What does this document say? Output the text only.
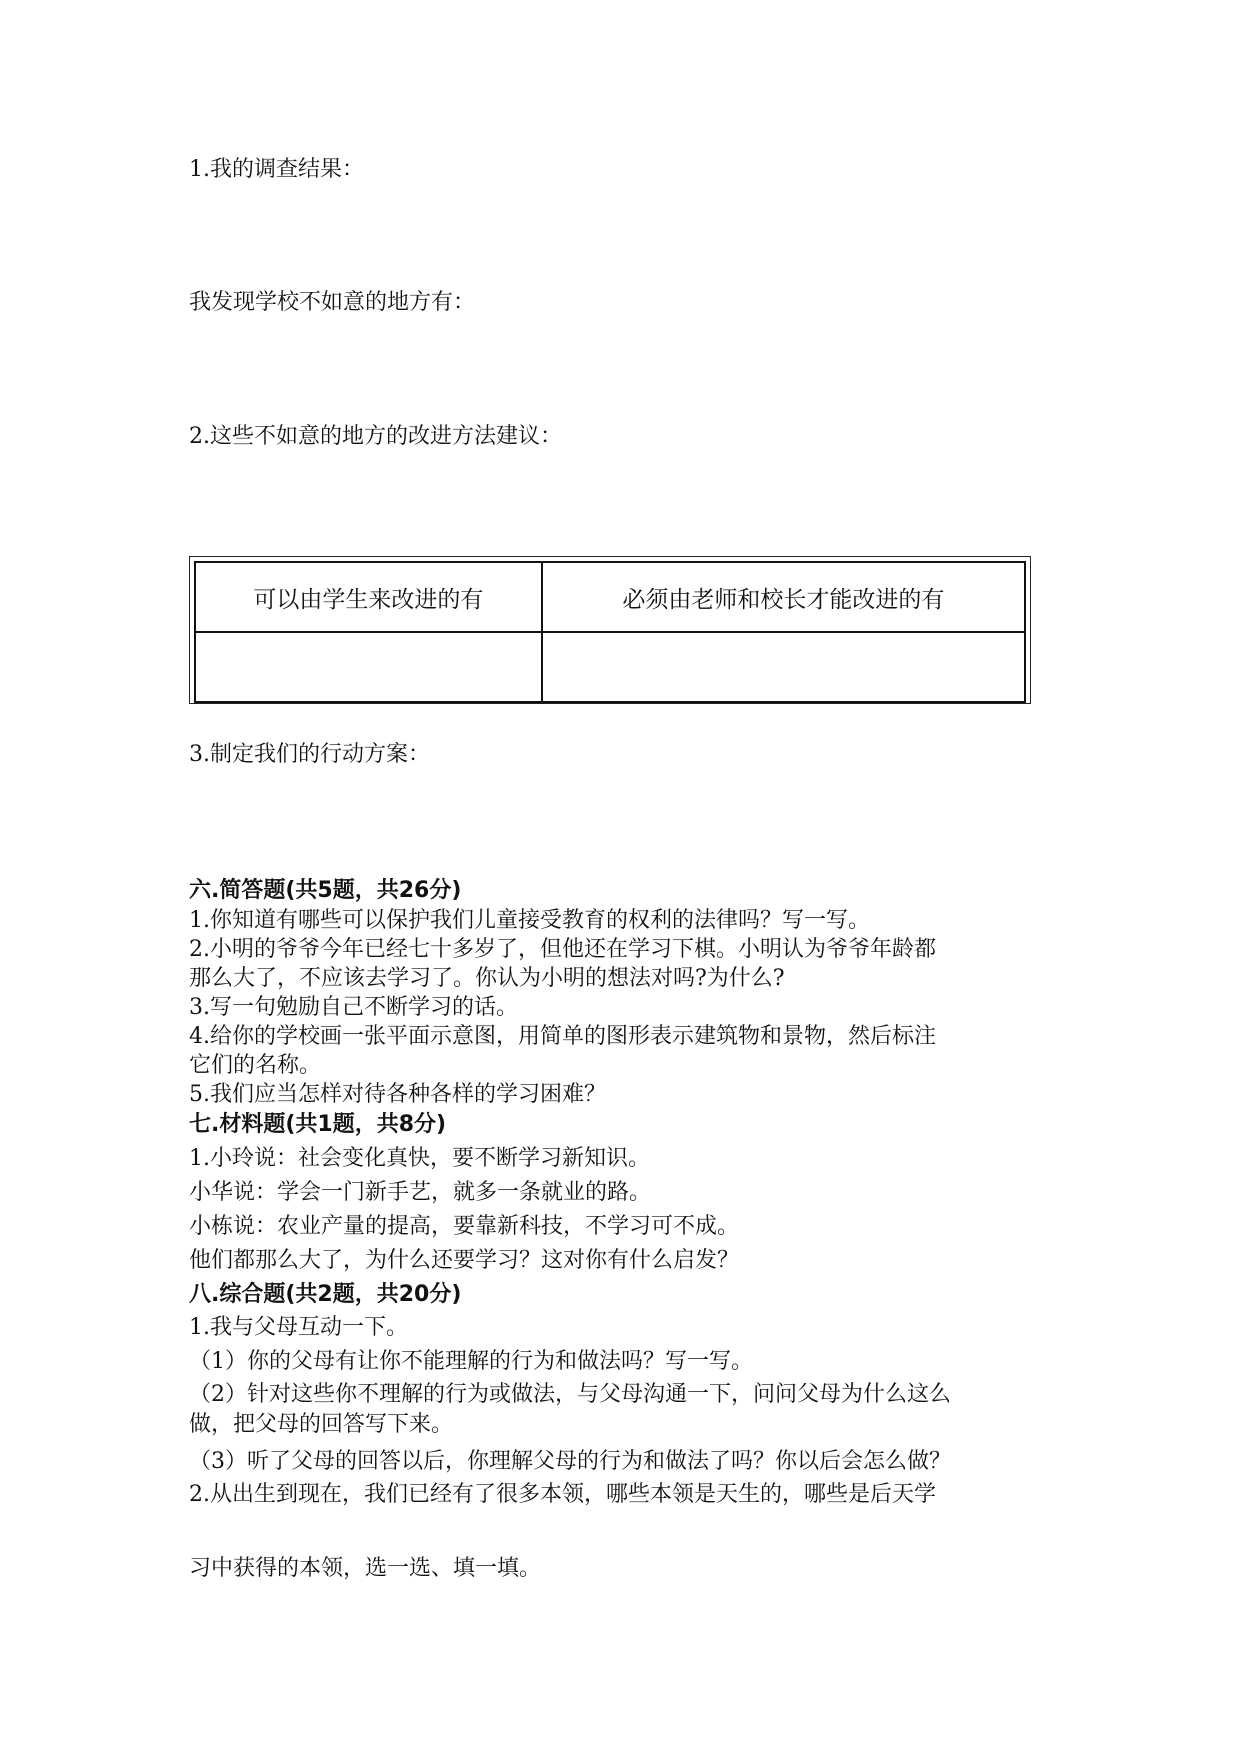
1.我的调查结果：
我发现学校不如意的地方有：
2.这些不如意的地方的改进方法建议：
可以由学生来改进的有	必须由老师和校长才能改进的有

3.制定我们的行动方案：
六.简答题(共5题，共26分)
1.你知道有哪些可以保护我们儿童接受教育的权利的法律吗？写一写。
2.小明的爷爷今年已经七十多岁了，但他还在学习下棋。小明认为爷爷年龄都
那么大了，不应该去学习了。你认为小明的想法对吗?为什么?
3.写一句勉励自己不断学习的话。
4.给你的学校画一张平面示意图，用简单的图形表示建筑物和景物，然后标注
它们的名称。
5.我们应当怎样对待各种各样的学习困难？
七.材料题(共1题，共8分)
1.小玲说：社会变化真快，要不断学习新知识。
小华说：学会一门新手艺，就多一条就业的路。
小栋说：农业产量的提高，要靠新科技，不学习可不成。
他们都那么大了，为什么还要学习？这对你有什么启发？
八.综合题(共2题，共20分)
1.我与父母互动一下。
（1）你的父母有让你不能理解的行为和做法吗？写一写。
（2）针对这些你不理解的行为或做法，与父母沟通一下，问问父母为什么这么
做，把父母的回答写下来。
（3）听了父母的回答以后，你理解父母的行为和做法了吗？你以后会怎么做？
2.从出生到现在，我们已经有了很多本领，哪些本领是天生的，哪些是后天学
习中获得的本领，选一选、填一填。
